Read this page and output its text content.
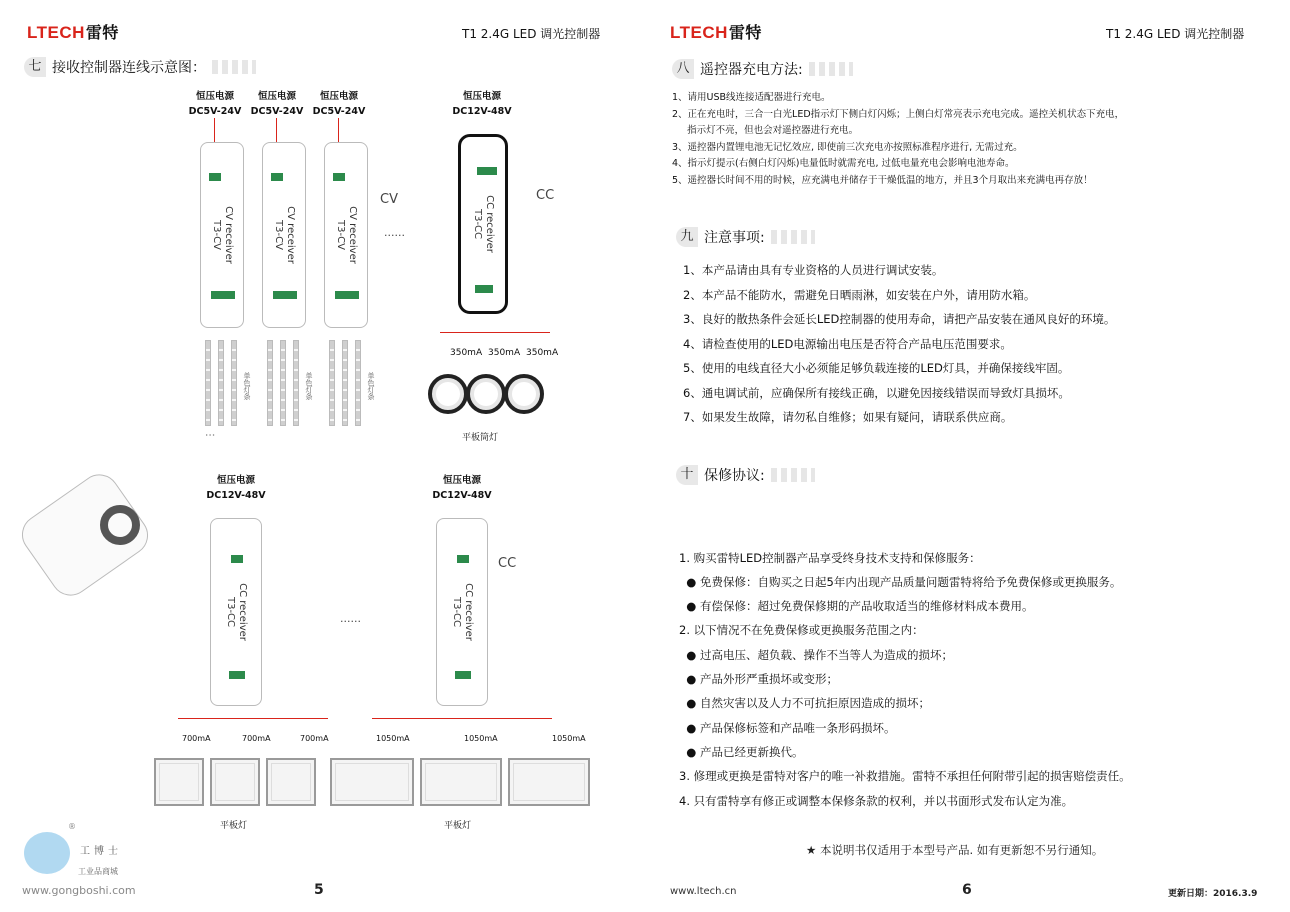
LTECH雷特	T1 2.4G LED 调光控制器
七 接收控制器连线示意图：
恒压电源
DC5V-24V
恒压电源
DC5V-24V
恒压电源
DC5V-24V
CV receiver
T3-CV	CV receiver
T3-CV	CV receiver
T3-CV
CV
......
单色灯条	单色灯条	单色灯条
⋮
恒压电源
DC12V-48V
CC receiver
T3-CC
CC
350mA 350mA 350mA
平板筒灯
恒压电源
DC12V-48V
恒压电源
DC12V-48V
CC receiver
T3-CC	CC receiver
T3-CC
......
CC
700mA	700mA	700mA	1050mA	1050mA	1050mA
平板灯	平板灯
®
工博士
工业品商城
www.gongboshi.com	5
LTECH雷特	T1 2.4G LED 调光控制器
八 遥控器充电方法:
1、请用USB线连接适配器进行充电。
2、正在充电时，三合一白光LED指示灯下侧白灯闪烁；上侧白灯常亮表示充电完成。遥控关机状态下充电，
指示灯不亮，但也会对遥控器进行充电。
3、遥控器内置锂电池无记忆效应, 即使前三次充电亦按照标准程序进行, 无需过充。
4、指示灯提示(右侧白灯闪烁)电量低时就需充电, 过低电量充电会影响电池寿命。
5、遥控器长时间不用的时候，应充满电并储存于干燥低温的地方，并且3个月取出来充满电再存放！
九 注意事项:
1、本产品请由具有专业资格的人员进行调试安装。
2、本产品不能防水，需避免日晒雨淋，如安装在户外，请用防水箱。
3、良好的散热条件会延长LED控制器的使用寿命，请把产品安装在通风良好的环境。
4、请检查使用的LED电源输出电压是否符合产品电压范围要求。
5、使用的电线直径大小必须能足够负载连接的LED灯具，并确保接线牢固。
6、通电调试前，应确保所有接线正确，以避免因接线错误而导致灯具损坏。
7、如果发生故障，请勿私自维修；如果有疑问，请联系供应商。
十 保修协议:

1. 购买雷特LED控制器产品享受终身技术支持和保修服务：
● 免费保修：自购买之日起5年内出现产品质量问题雷特将给予免费保修或更换服务。
● 有偿保修：超过免费保修期的产品收取适当的维修材料成本费用。
2. 以下情况不在免费保修或更换服务范围之内：
● 过高电压、超负载、操作不当等人为造成的损坏；
● 产品外形严重损坏或变形；
● 自然灾害以及人力不可抗拒原因造成的损坏；
● 产品保修标签和产品唯一条形码损坏。
● 产品已经更新换代。
3. 修理或更换是雷特对客户的唯一补救措施。雷特不承担任何附带引起的损害赔偿责任。
4. 只有雷特享有修正或调整本保修条款的权利，并以书面形式发布认定为准。

★ 本说明书仅适用于本型号产品. 如有更新恕不另行通知。
www.ltech.cn	6	更新日期：2016.3.9
